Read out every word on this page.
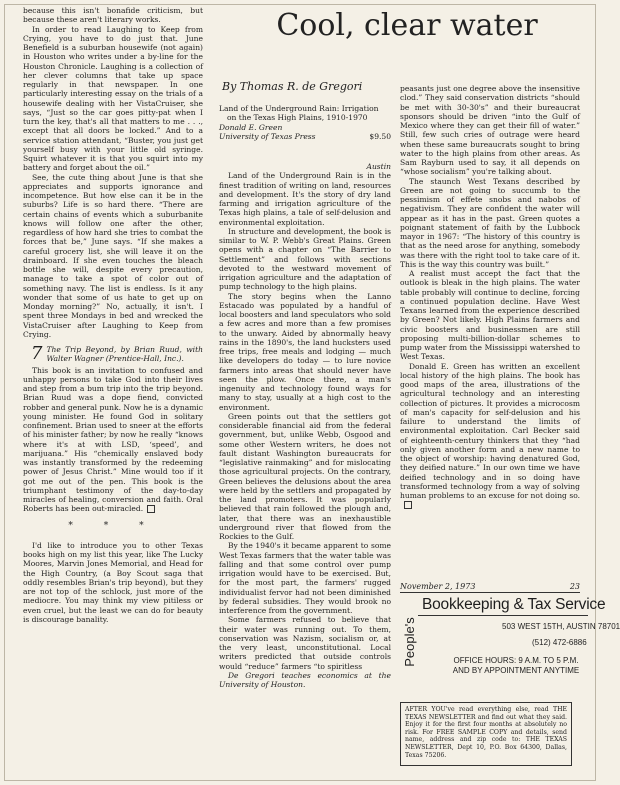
because this isn't bonafide criticism, but because these aren't literary works.

In order to read Laughing to Keep from Crying, you have to do just that. June Benefield is a suburban housewife (not again) in Houston who writes under a by-line for the Houston Chronicle. Laughing is a collection of her clever columns that take up space regularly in that newspaper. In one particularly interesting essay on the trials of a housewife dealing with her VistaCruiser, she says, “Just so the car goes pitty-pat when I turn the key, that's all that matters to me . . ., except that all doors be locked.” And to a service station attendant, “Buster, you just get yourself busy with your little old syringe. Squirt whatever it is that you squirt into my battery and forget about the oil.”

See, the cute thing about June is that she appreciates and supports ignorance and incompetence. But how else can it be in the suburbs? Life is so hard there. “There are certain chains of events which a suburbanite knows will follow one after the other, regardless of how hard she tries to combat the forces that be,” June says. “If she makes a careful grocery list, she will leave it on the drainboard. If she even touches the bleach bottle she will, despite every precaution, manage to take a spot of color out of something navy. The list is endless. Is it any wonder that some of us hate to get up on Monday morning?” No, actually, it isn't. I spent three Mondays in bed and wrecked the VistaCruiser after Laughing to Keep from Crying.

7 The Trip Beyond, by Brian Ruud, with Walter Wagner (Prentice-Hall, Inc.).

This book is an invitation to confused and unhappy persons to take God into their lives and step from a bum trip into the trip beyond. Brian Ruud was a dope fiend, convicted robber and general punk. Now he is a dynamic young minister. He found God in solitary confinement. Brian used to sneer at the efforts of his minister father; by now he really “knows where it's at with LSD, ‘speed’, and marijuana.” His “chemically enslaved body was instantly transformed by the redeeming power of Jesus Christ.” Mine would too if it got me out of the pen. This book is the triumphant testimony of the day-to-day miracles of healing, conversion and faith. Oral Roberts has been out-miracled.

* * *

I'd like to introduce you to other Texas books high on my list this year, like The Lucky Moores, Marvin Jones Memorial, and Head for the High Country, (a Boy Scout saga that oddly resembles Brian's trip beyond), but they are not top of the schlock, just more of the mediocre. You may think my view pitiless or even cruel, but the least we can do for beauty is discourage banality.

Cool, clear water
By Thomas R. de Gregori
Land of the Underground Rain: Irrigation
on the Texas High Plains, 1910-1970
Donald E. Green
University of Texas Press	$9.50

Austin

Land of the Underground Rain is in the finest tradition of writing on land, resources and development. It's the story of dry land farming and irrigation agriculture of the Texas high plains, a tale of self-delusion and environmental exploitation.

In structure and development, the book is similar to W. P. Webb's Great Plains. Green opens with a chapter on “The Barrier to Settlement” and follows with sections devoted to the westward movement of irrigation agriculture and the adaptation of pump technology to the high plains.

The story begins when the Lanno Estacado was populated by a handful of local boosters and land speculators who sold a few acres and more than a few promises to the unwary. Aided by abnormally heavy rains in the 1890's, the land hucksters used free trips, free meals and lodging — much like developers do today — to lure novice farmers into areas that should never have seen the plow. Once there, a man's ingenuity and technology found ways for many to stay, usually at a high cost to the environment.

Green points out that the settlers got considerable financial aid from the federal government, but, unlike Webb, Osgood and some other Western writers, he does not fault distant Washington bureaucrats for “legislative rainmaking” and for mislocating those agricultural projects. On the contrary, Green believes the delusions about the area were held by the settlers and propagated by the land promoters. It was popularly believed that rain followed the plough and, later, that there was an inexhaustible underground river that flowed from the Rockies to the Gulf.

By the 1940's it became apparent to some West Texas farmers that the water table was falling and that some control over pump irrigation would have to be exercised. But, for the most part, the farmers' rugged individualist fervor had not been diminished by federal subsidies. They would brook no interference from the government.

Some farmers refused to believe that their water was running out. To them, conservation was Nazism, socialism or, at the very least, unconstitutional. Local writers predicted that outside controls would “reduce” farmers “to spiritless

De Gregori teaches economics at the University of Houston.

peasants just one degree above the insensitive clod.” They said conservation districts “should be met with 30-30's” and their bureaucrat sponsors should be driven “into the Gulf of Mexico where they can get their fill of water.” Still, few such cries of outrage were heard when these same bureaucrats sought to bring water to the high plains from other areas. As Sam Rayburn used to say, it all depends on “whose socialism” you're talking about.

The staunch West Texans described by Green are not going to succumb to the pessimism of effete snobs and nabobs of negativism. They are confident the water will appear as it has in the past. Green quotes a poignant statement of faith by the Lubbock mayor in 1967: “The history of this country is that as the need arose for anything, somebody was there with the right tool to take care of it. This is the way this country was built.”

A realist must accept the fact that the outlook is bleak in the high plains. The water table probably will continue to decline, forcing a continued population decline. Have West Texans learned from the experience described by Green? Not likely. High Plains farmers and civic boosters and businessmen are still proposing multi-billion-dollar schemes to pump water from the Mississippi watershed to West Texas.

Donald E. Green has written an excellent local history of the high plains. The book has good maps of the area, illustrations of the agricultural technology and an interesting collection of pictures. It provides a microcosm of man's capacity for self-delusion and his failure to understand the limits of environmental exploitation. Carl Becker said of eighteenth-century thinkers that they “had only given another form and a new name to the object of worship: having denatured God, they deified nature.” In our own time we have deified technology and in so doing have transformed technology from a way of solving human problems to an excuse for not doing so.

November 2, 1973	23
People's
Bookkeeping & Tax Service
503 WEST 15TH, AUSTIN 78701
(512) 472-6886
OFFICE HOURS: 9 A.M. TO 5 P.M.
AND BY APPOINTMENT ANYTIME
AFTER YOU've read everything else, read THE TEXAS NEWSLETTER and find out what they said. Enjoy it for the first four months at absolutely no risk. For FREE SAMPLE COPY and details, send name, address and zip code to: THE TEXAS NEWSLETTER, Dept 10, P.O. Box 64300, Dallas, Texas 75206.
